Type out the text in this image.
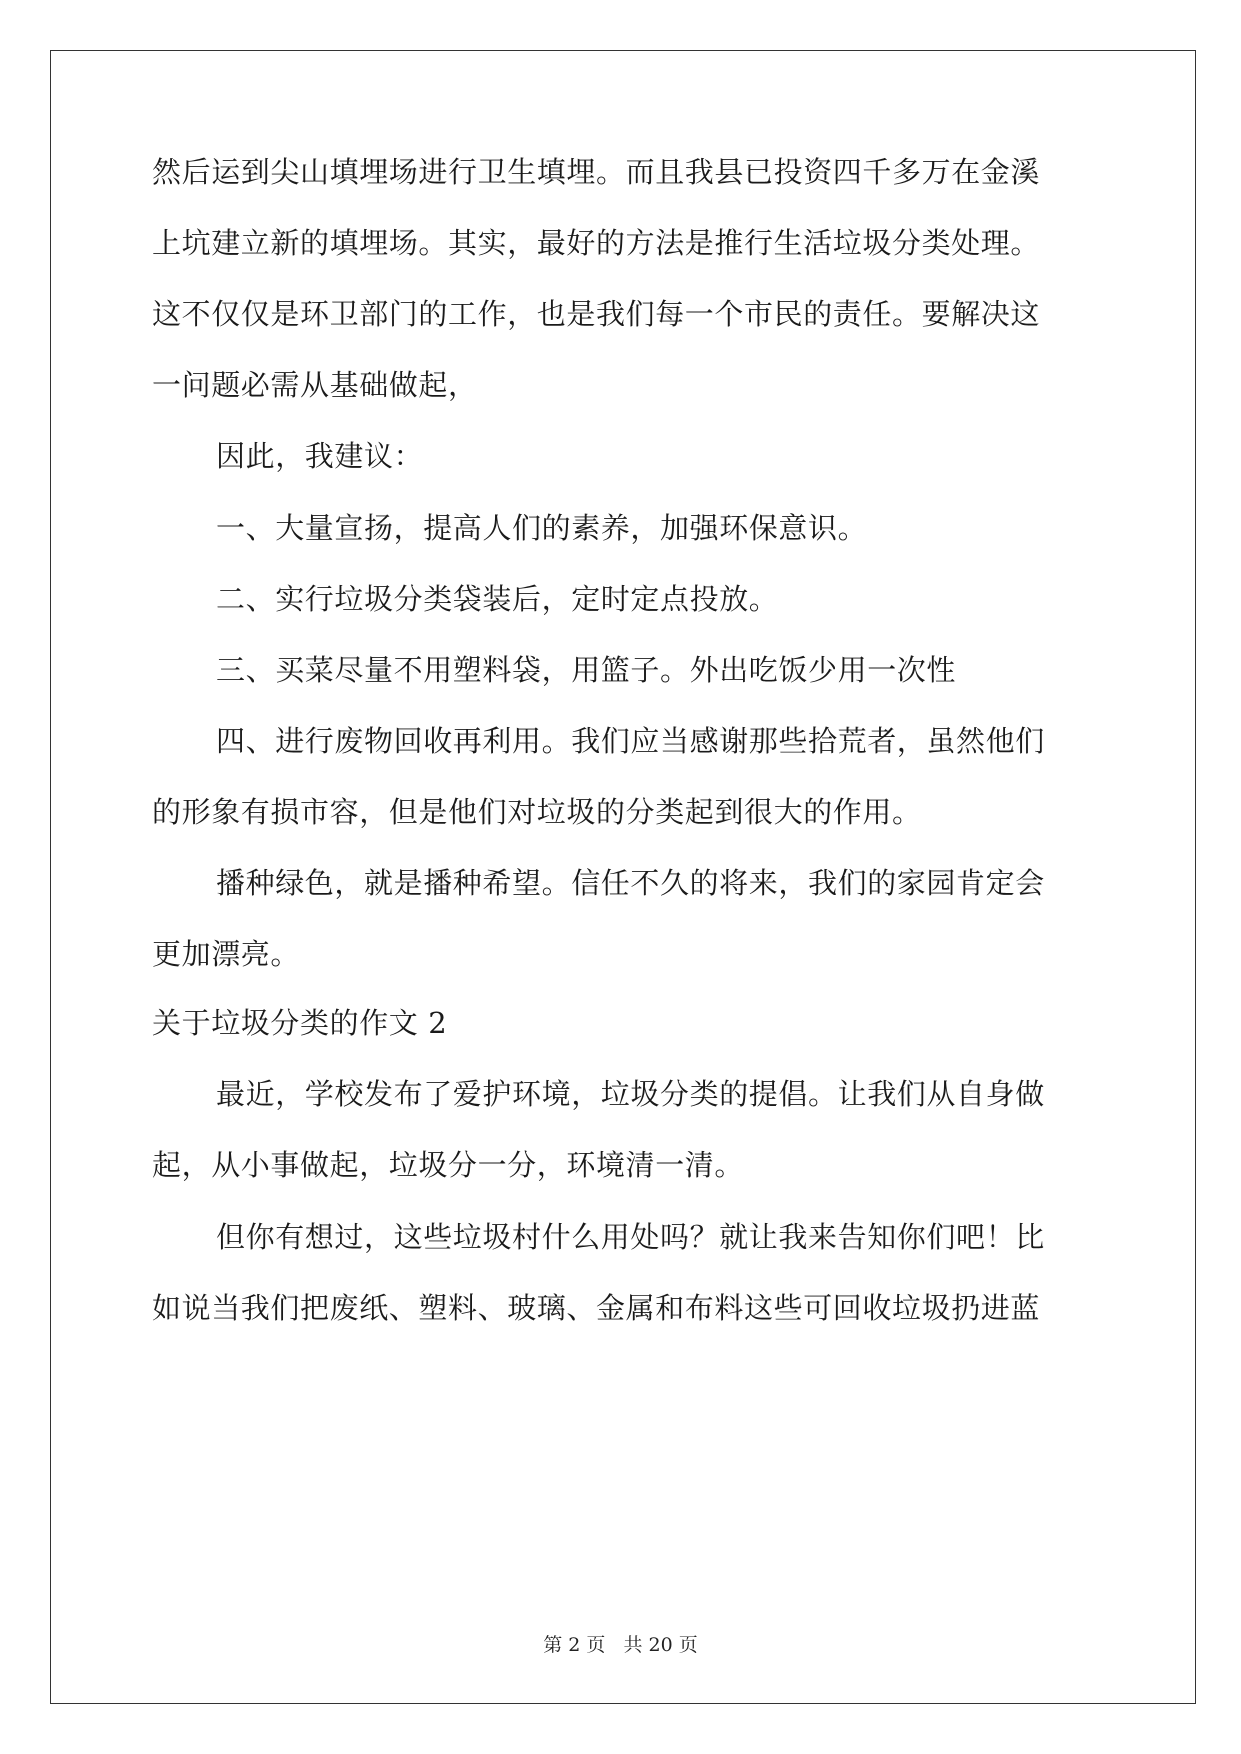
然后运到尖山填埋场进行卫生填埋。而且我县已投资四千多万在金溪
上坑建立新的填埋场。其实，最好的方法是推行生活垃圾分类处理。
这不仅仅是环卫部门的工作，也是我们每一个市民的责任。要解决这
一问题必需从基础做起，
因此，我建议：
一、大量宣扬，提高人们的素养，加强环保意识。
二、实行垃圾分类袋装后，定时定点投放。
三、买菜尽量不用塑料袋，用篮子。外出吃饭少用一次性
四、进行废物回收再利用。我们应当感谢那些拾荒者，虽然他们
的形象有损市容，但是他们对垃圾的分类起到很大的作用。
播种绿色，就是播种希望。信任不久的将来，我们的家园肯定会
更加漂亮。
关于垃圾分类的作文 2
最近，学校发布了爱护环境，垃圾分类的提倡。让我们从自身做
起，从小事做起，垃圾分一分，环境清一清。
但你有想过，这些垃圾村什么用处吗？就让我来告知你们吧！比
如说当我们把废纸、塑料、玻璃、金属和布料这些可回收垃圾扔进蓝
第 2 页 共 20 页
